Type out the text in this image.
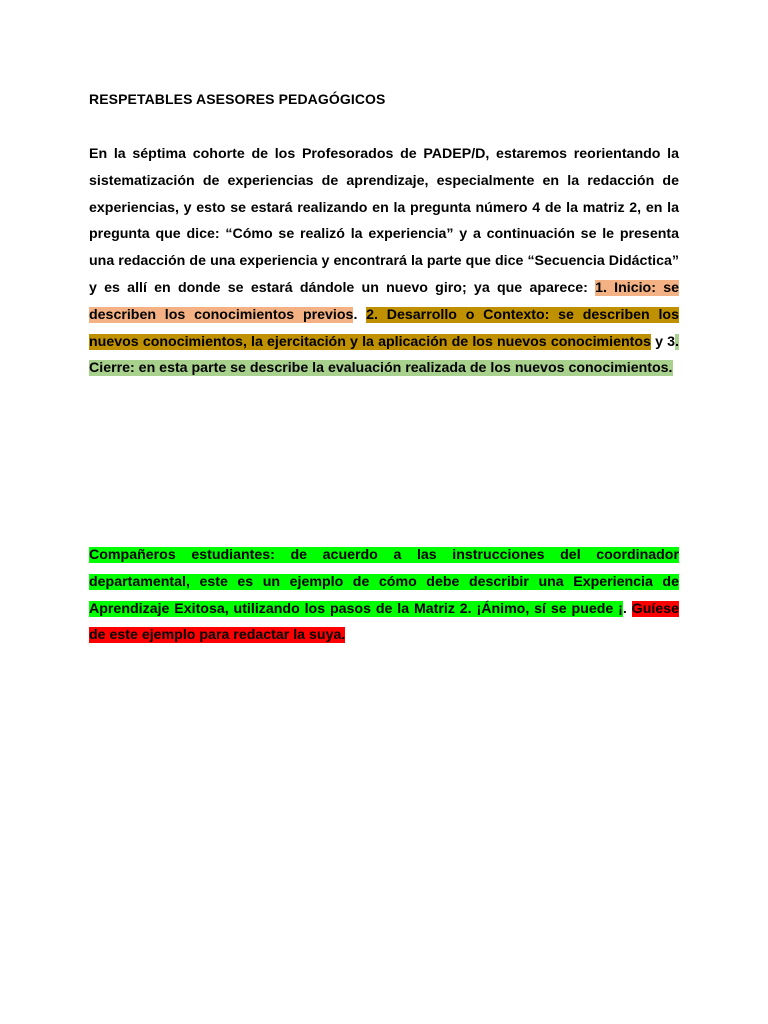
RESPETABLES ASESORES PEDAGÓGICOS

En la séptima cohorte de los Profesorados de PADEP/D, estaremos reorientando la sistematización de experiencias de aprendizaje, especialmente en la redacción de experiencias, y esto se estará realizando en la pregunta número 4 de la matriz 2, en la pregunta que dice: “Cómo se realizó la experiencia” y a continuación se le presenta una redacción de una experiencia y encontrará la parte que dice “Secuencia Didáctica” y es allí en donde se estará dándole un nuevo giro; ya que aparece: 1. Inicio: se describen los conocimientos previos. 2. Desarrollo o Contexto: se describen los nuevos conocimientos, la ejercitación y la aplicación de los nuevos conocimientos y 3. Cierre: en esta parte se describe la evaluación realizada de los nuevos conocimientos.

Compañeros estudiantes: de acuerdo a las instrucciones del coordinador departamental, este es un ejemplo de cómo debe describir una Experiencia de Aprendizaje Exitosa, utilizando los pasos de la Matriz 2. ¡Ánimo, sí se puede ¡. Guíese de este ejemplo para redactar la suya.
